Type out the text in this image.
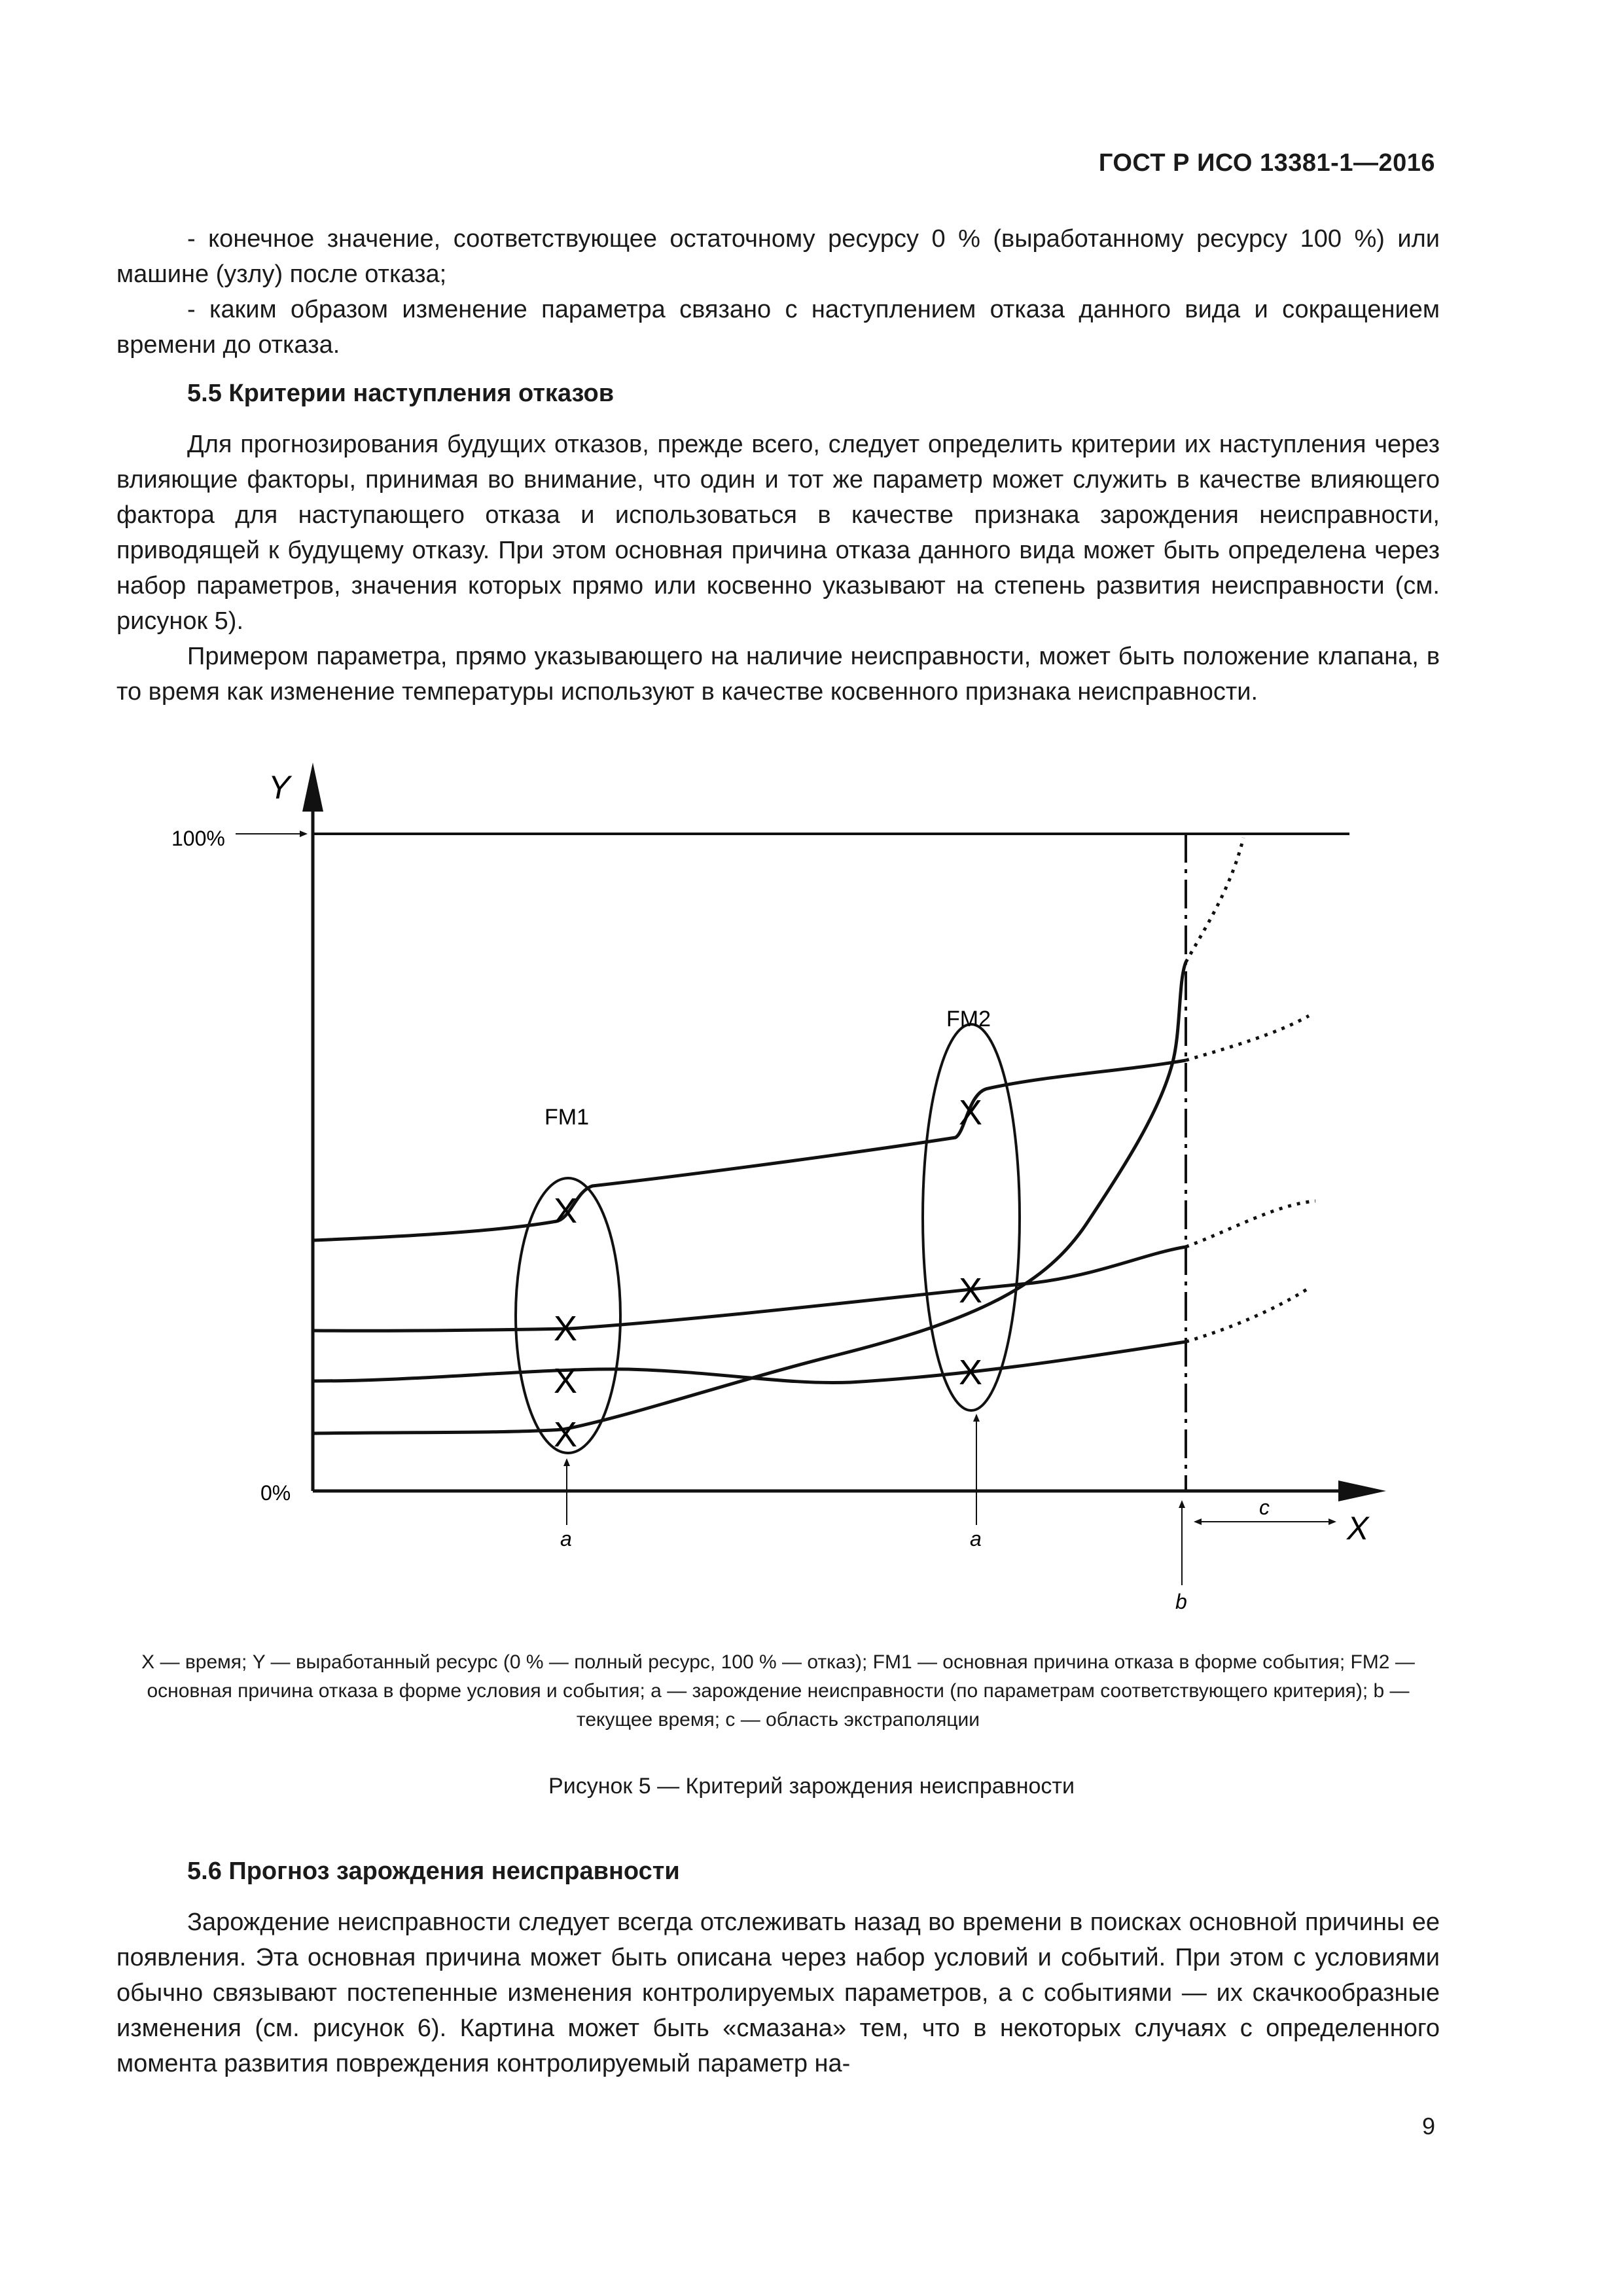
ГОСТ Р ИСО 13381-1—2016

- конечное значение, соответствующее остаточному ресурсу 0 % (выработанному ресурсу 100 %) или машине (узлу) после отказа;

- каким образом изменение параметра связано с наступлением отказа данного вида и сокращением времени до отказа.

5.5 Критерии наступления отказов

Для прогнозирования будущих отказов, прежде всего, следует определить критерии их наступления через влияющие факторы, принимая во внимание, что один и тот же параметр может служить в качестве влияющего фактора для наступающего отказа и использоваться в качестве признака зарождения неисправности, приводящей к будущему отказу. При этом основная причина отказа данного вида может быть определена через набор параметров, значения которых прямо или косвенно указывают на степень развития неисправности (см. рисунок 5).

Примером параметра, прямо указывающего на наличие неисправности, может быть положение клапана, в то время как изменение температуры используют в качестве косвенного признака неисправности.

Y
X
100%
0%
FM1
X
X
X
X
FM2
X
X
X
a	a
b
c
X — время; Y — выработанный ресурс (0 % — полный ресурс, 100 % — отказ); FM1 — основная причина отказа в форме события; FM2 — основная причина отказа в форме условия и события; a — зарождение неисправности (по параметрам соответствующего критерия); b —текущее время; c — область экстраполяции
Рисунок 5 — Критерий зарождения неисправности
5.6 Прогноз зарождения неисправности

Зарождение неисправности следует всегда отслеживать назад во времени в поисках основной причины ее появления. Эта основная причина может быть описана через набор условий и событий. При этом с условиями обычно связывают постепенные изменения контролируемых параметров, а с событиями — их скачкообразные изменения (см. рисунок 6). Картина может быть «смазана» тем, что в некоторых случаях с определенного момента развития повреждения контролируемый параметр на-

9
